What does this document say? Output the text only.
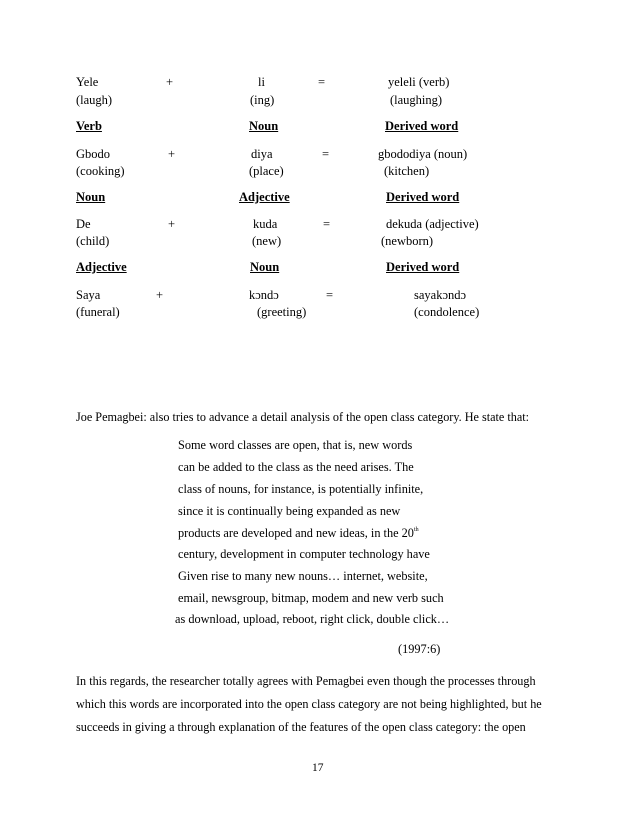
Yele	+	li	=	yeleli (verb)
(laugh)	(ing)	(laughing)
Verb	Noun	Derived word
Gbodo	+	diya	=	gbododiya (noun)
(cooking)	(place)	(kitchen)
Noun	Adjective	Derived word
De	+	kuda	=	dekuda (adjective)
(child)	(new)	(newborn)
Adjective	Noun	Derived word
Saya	+	kɔndɔ	=	sayakɔndɔ
(funeral)	(greeting)	(condolence)
Joe Pemagbei: also tries to advance a detail analysis of the open class category. He state that:
Some word classes are open, that is, new words
can be added to the class as the need arises. The
class of nouns, for instance, is potentially infinite,
since it is continually being expanded as new
products are developed and new ideas, in the 20th
century, development in computer technology have
Given rise to many new nouns… internet, website,
email, newsgroup, bitmap, modem and new verb such
as download, upload, reboot, right click, double click…
(1997:6)
In this regards, the researcher totally agrees with Pemagbei even though the processes through
which this words are incorporated into the open class category are not being highlighted, but he
succeeds in giving a through explanation of the features of the open class category: the open
17
